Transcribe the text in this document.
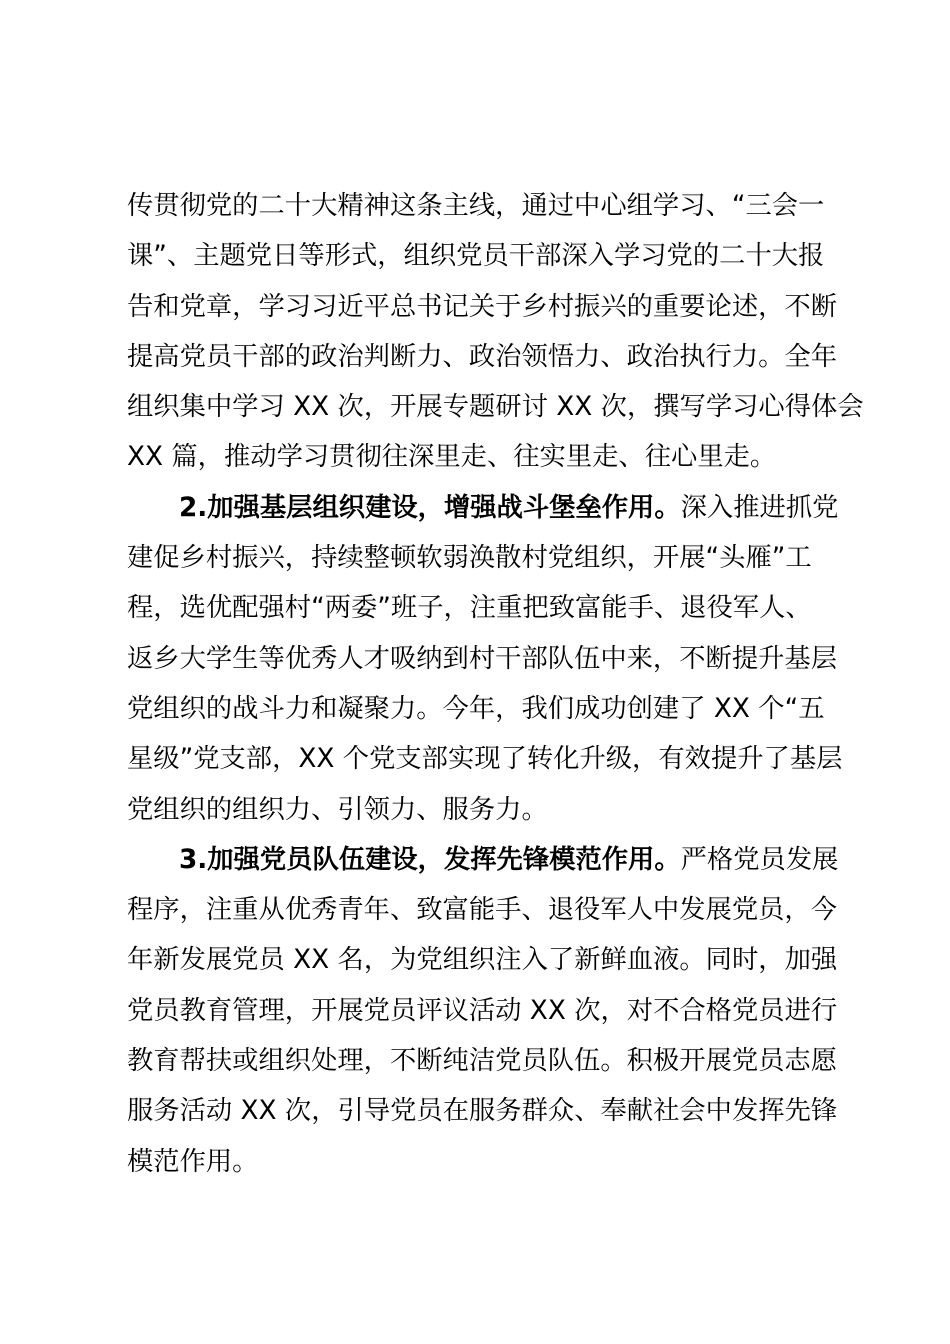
传贯彻党的二十大精神这条主线，通过中心组学习、“三会一
课”、主题党日等形式，组织党员干部深入学习党的二十大报
告和党章，学习习近平总书记关于乡村振兴的重要论述，不断
提高党员干部的政治判断力、政治领悟力、政治执行力。全年
组织集中学习 XX 次，开展专题研讨 XX 次，撰写学习心得体会
XX 篇，推动学习贯彻往深里走、往实里走、往心里走。
2.加强基层组织建设，增强战斗堡垒作用。深入推进抓党
建促乡村振兴，持续整顿软弱涣散村党组织，开展“头雁”工
程，选优配强村“两委”班子，注重把致富能手、退役军人、
返乡大学生等优秀人才吸纳到村干部队伍中来，不断提升基层
党组织的战斗力和凝聚力。今年，我们成功创建了 XX 个“五
星级”党支部，XX 个党支部实现了转化升级，有效提升了基层
党组织的组织力、引领力、服务力。
3.加强党员队伍建设，发挥先锋模范作用。严格党员发展
程序，注重从优秀青年、致富能手、退役军人中发展党员，今
年新发展党员 XX 名，为党组织注入了新鲜血液。同时，加强
党员教育管理，开展党员评议活动 XX 次，对不合格党员进行
教育帮扶或组织处理，不断纯洁党员队伍。积极开展党员志愿
服务活动 XX 次，引导党员在服务群众、奉献社会中发挥先锋
模范作用。
